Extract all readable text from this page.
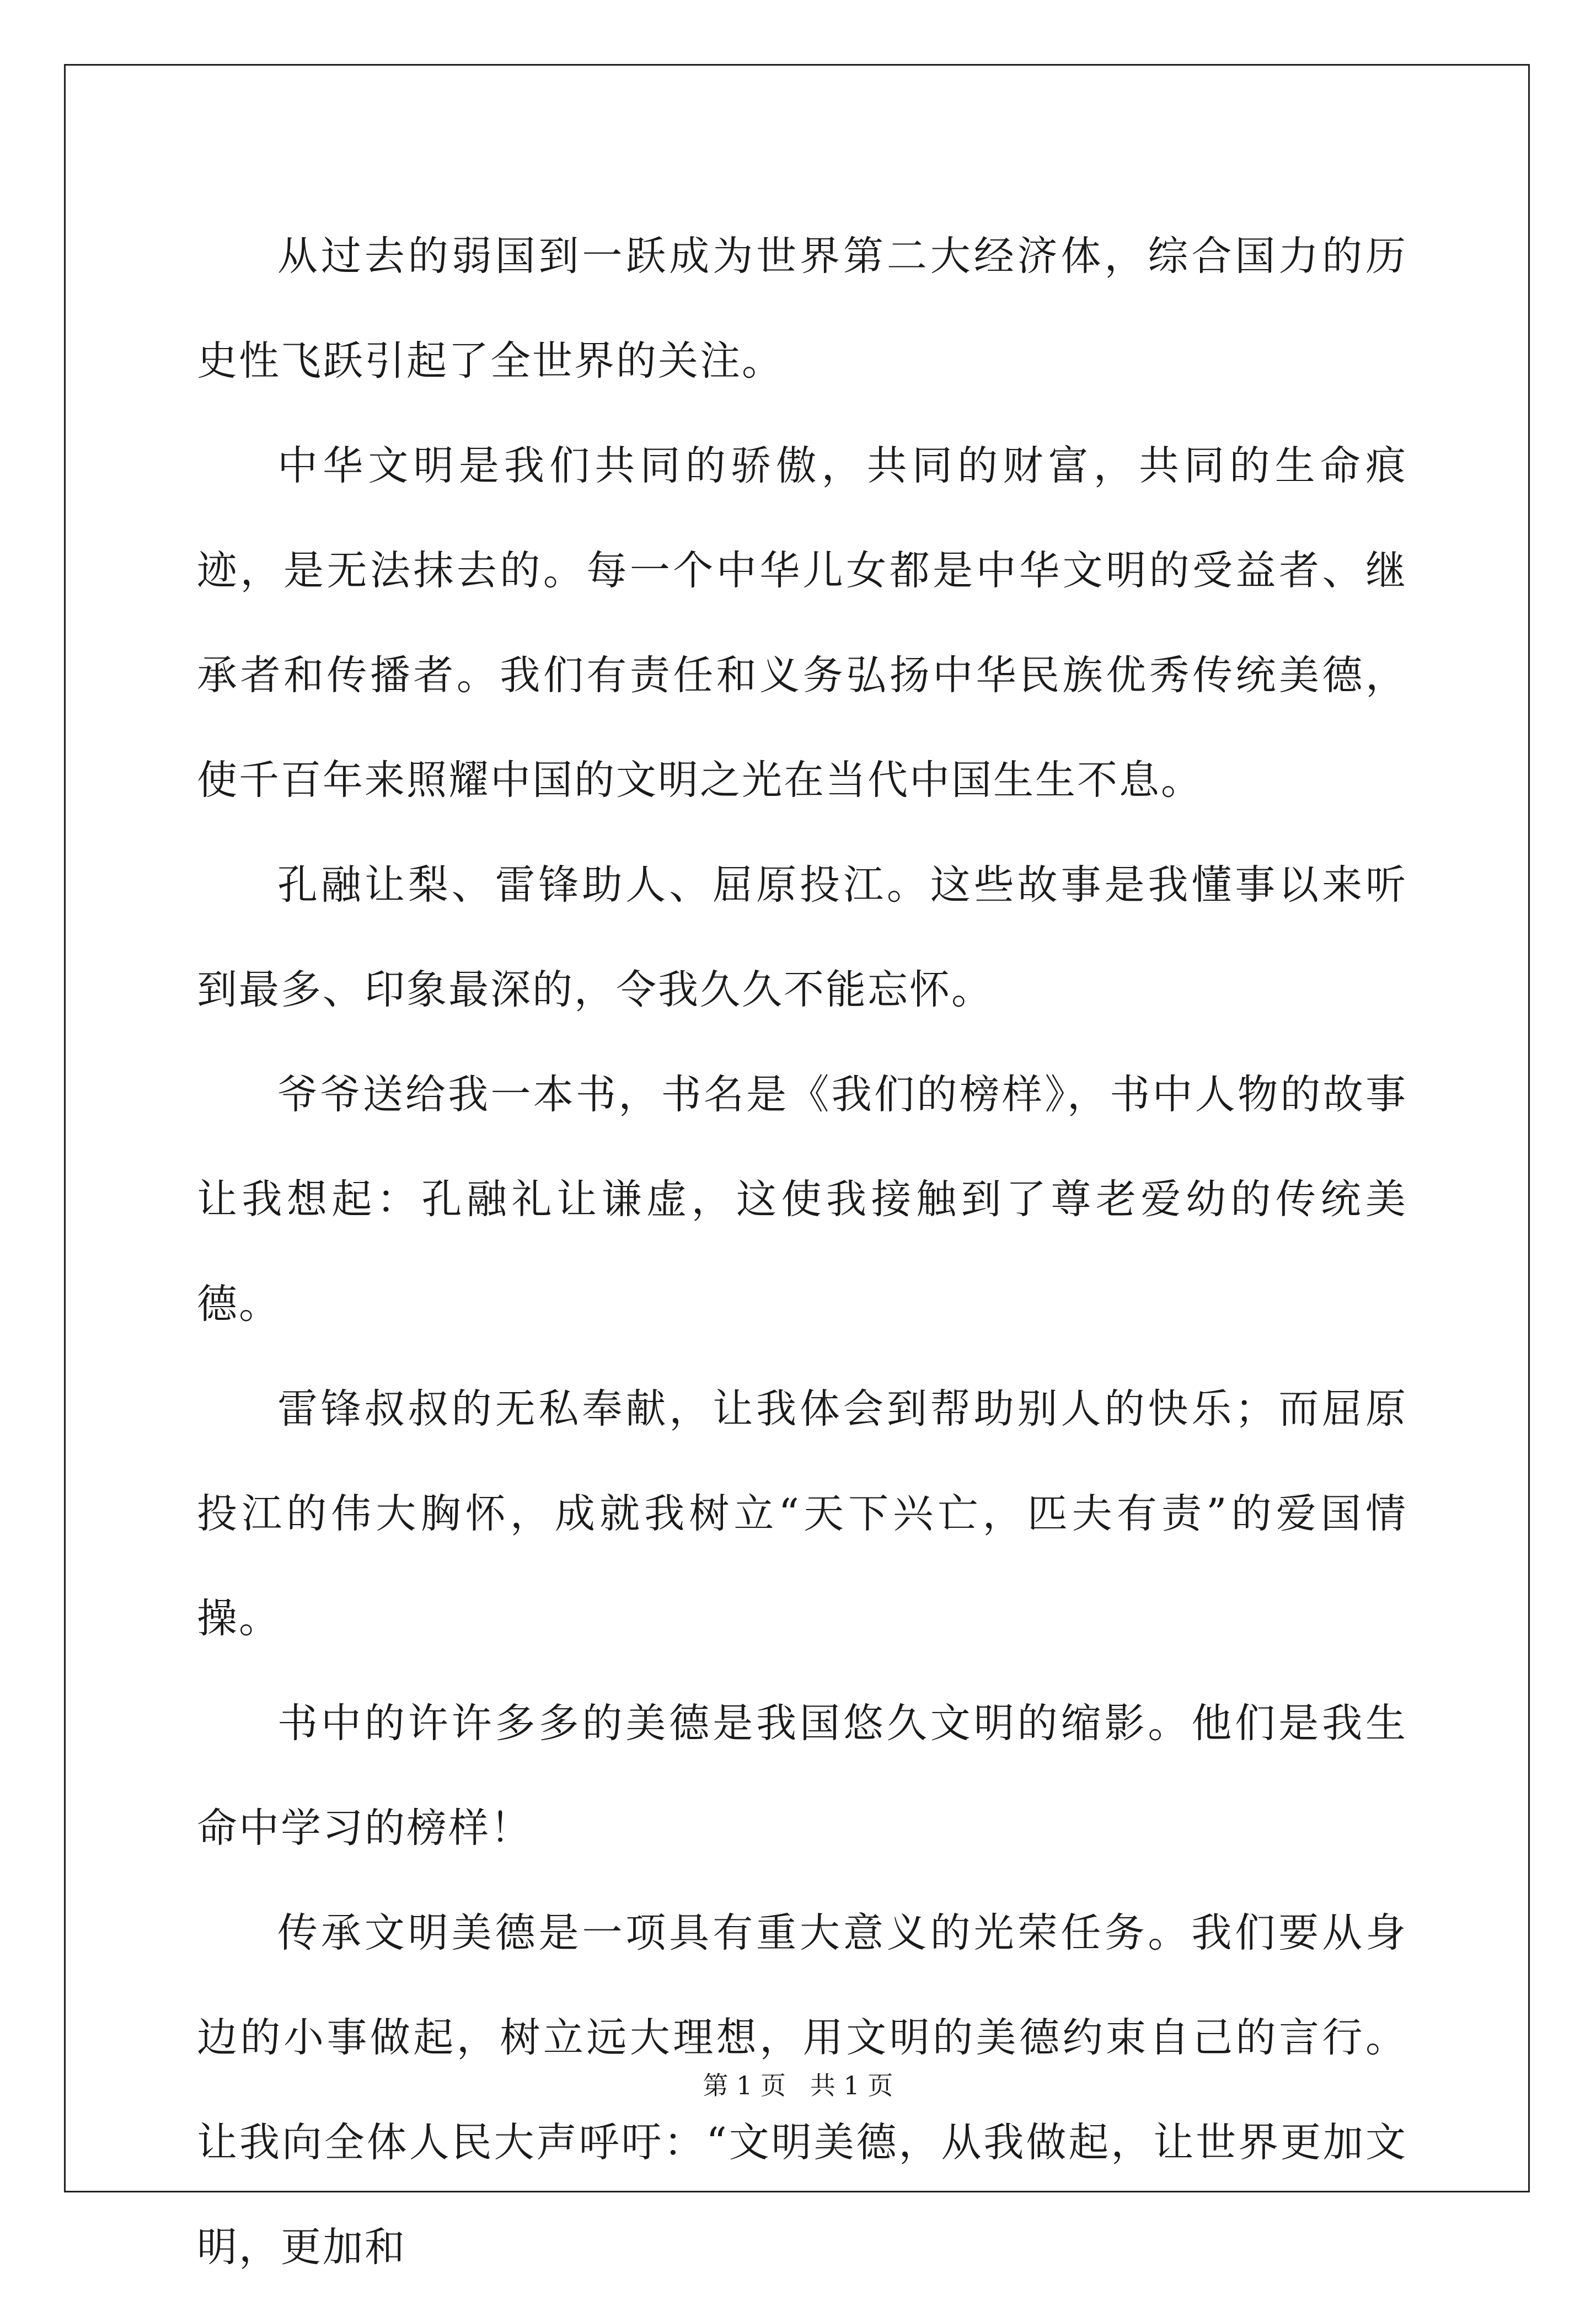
从过去的弱国到一跃成为世界第二大经济体，综合国力的历史性飞跃引起了全世界的关注。

中华文明是我们共同的骄傲，共同的财富，共同的生命痕迹，是无法抹去的。每一个中华儿女都是中华文明的受益者、继承者和传播者。我们有责任和义务弘扬中华民族优秀传统美德，使千百年来照耀中国的文明之光在当代中国生生不息。

孔融让梨、雷锋助人、屈原投江。这些故事是我懂事以来听到最多、印象最深的，令我久久不能忘怀。

爷爷送给我一本书，书名是《我们的榜样》，书中人物的故事让我想起：孔融礼让谦虚，这使我接触到了尊老爱幼的传统美德。

雷锋叔叔的无私奉献，让我体会到帮助别人的快乐；而屈原投江的伟大胸怀，成就我树立“天下兴亡，匹夫有责”的爱国情操。

书中的许许多多的美德是我国悠久文明的缩影。他们是我生命中学习的榜样！

传承文明美德是一项具有重大意义的光荣任务。我们要从身边的小事做起，树立远大理想，用文明的美德约束自己的言行。让我向全体人民大声呼吁：“文明美德，从我做起，让世界更加文明，更加和

第 1 页   共 1 页
